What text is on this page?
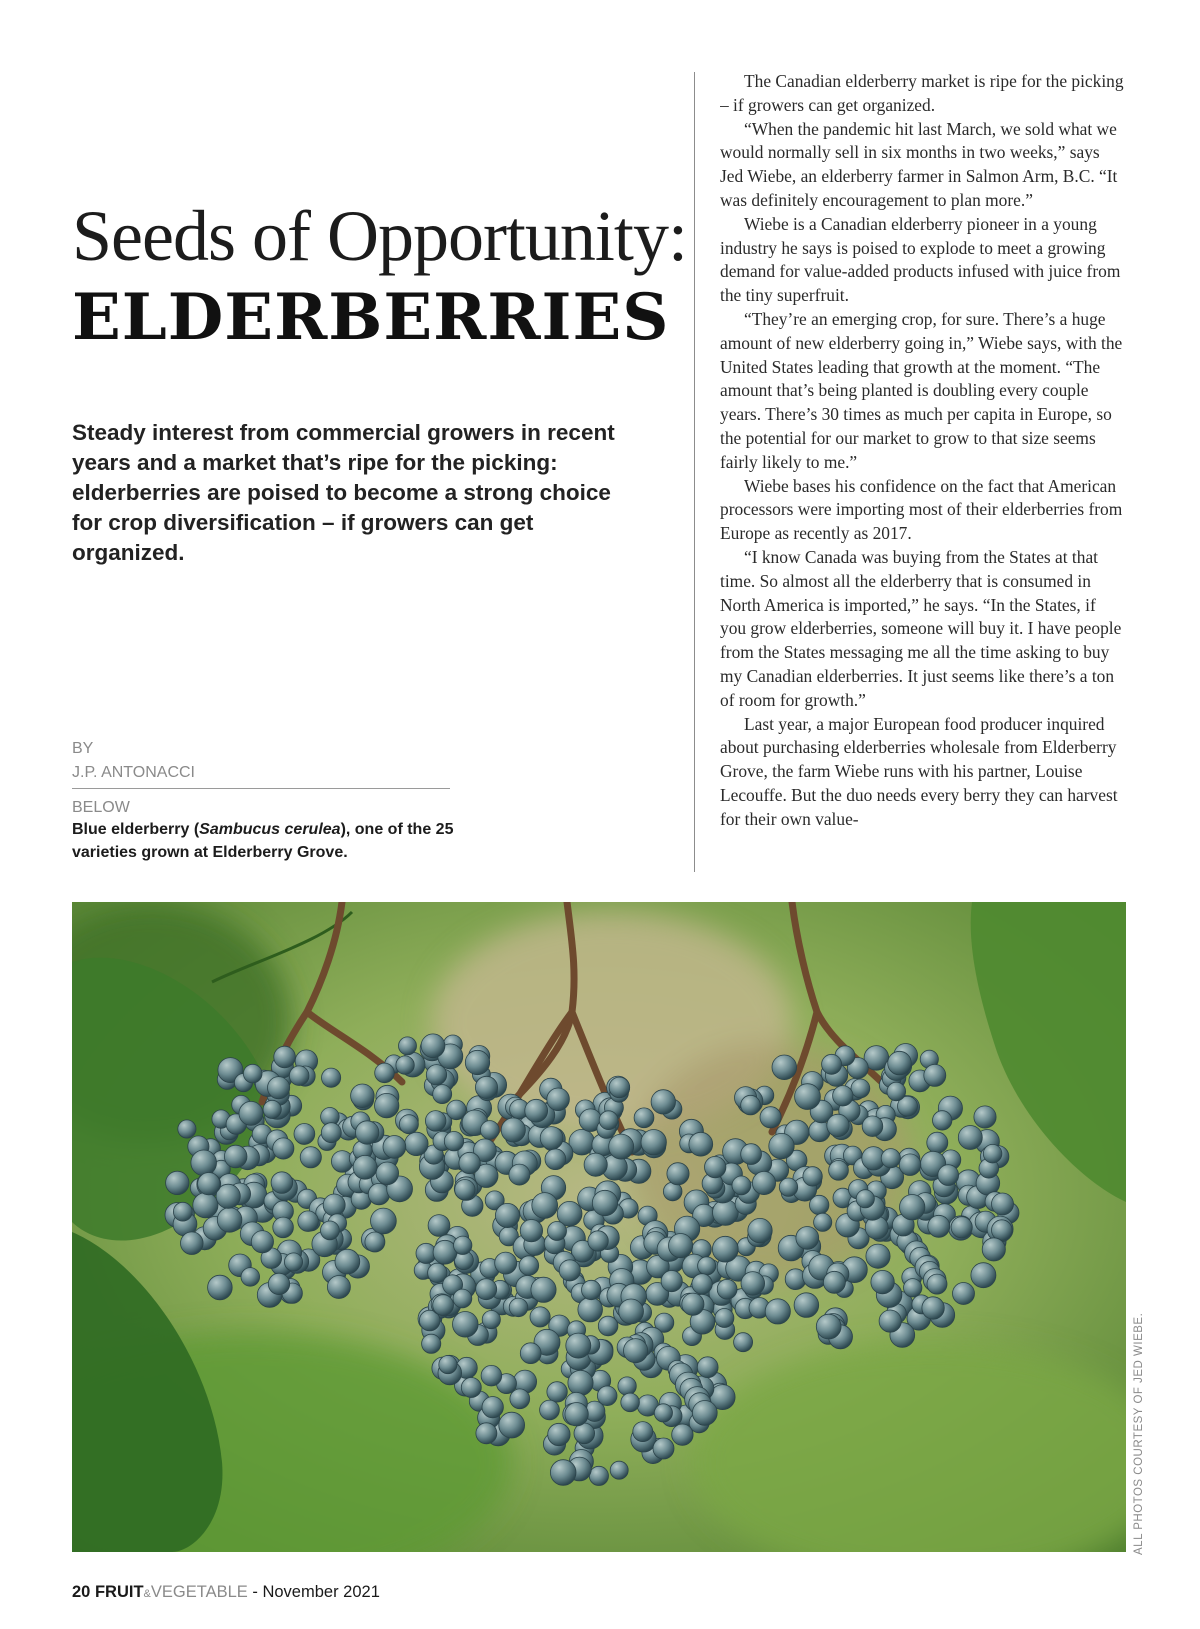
Seeds of Opportunity:
ELDERBERRIES
Steady interest from commercial growers in recent years and a market that’s ripe for the picking: elderberries are poised to become a strong choice for crop diversification – if growers can get organized.
BY
J.P. ANTONACCI
BELOW
Blue elderberry (Sambucus cerulea), one of the 25 varieties grown at Elderberry Grove.

The Canadian elderberry market is ripe for the picking – if growers can get organized.

“When the pandemic hit last March, we sold what we would normally sell in six months in two weeks,” says Jed Wiebe, an elderberry farmer in Salmon Arm, B.C. “It was definitely encouragement to plan more.”

Wiebe is a Canadian elderberry pioneer in a young industry he says is poised to explode to meet a growing demand for value-added products infused with juice from the tiny superfruit.

“They’re an emerging crop, for sure. There’s a huge amount of new elderberry going in,” Wiebe says, with the United States leading that growth at the moment. “The amount that’s being planted is doubling every couple years. There’s 30 times as much per capita in Europe, so the potential for our market to grow to that size seems fairly likely to me.”

Wiebe bases his confidence on the fact that American processors were importing most of their elderberries from Europe as recently as 2017.

“I know Canada was buying from the States at that time. So almost all the elderberry that is consumed in North America is imported,” he says. “In the States, if you grow elderberries, someone will buy it. I have people from the States messaging me all the time asking to buy my Canadian elderberries. It just seems like there’s a ton of room for growth.”

Last year, a major European food producer inquired about purchasing elderberries wholesale from Elderberry Grove, the farm Wiebe runs with his partner, Louise Lecouffe. But the duo needs every berry they can harvest for their own value-

ALL PHOTOS COURTESY OF JED WIEBE.
20 FRUIT&VEGETABLE - November 2021
